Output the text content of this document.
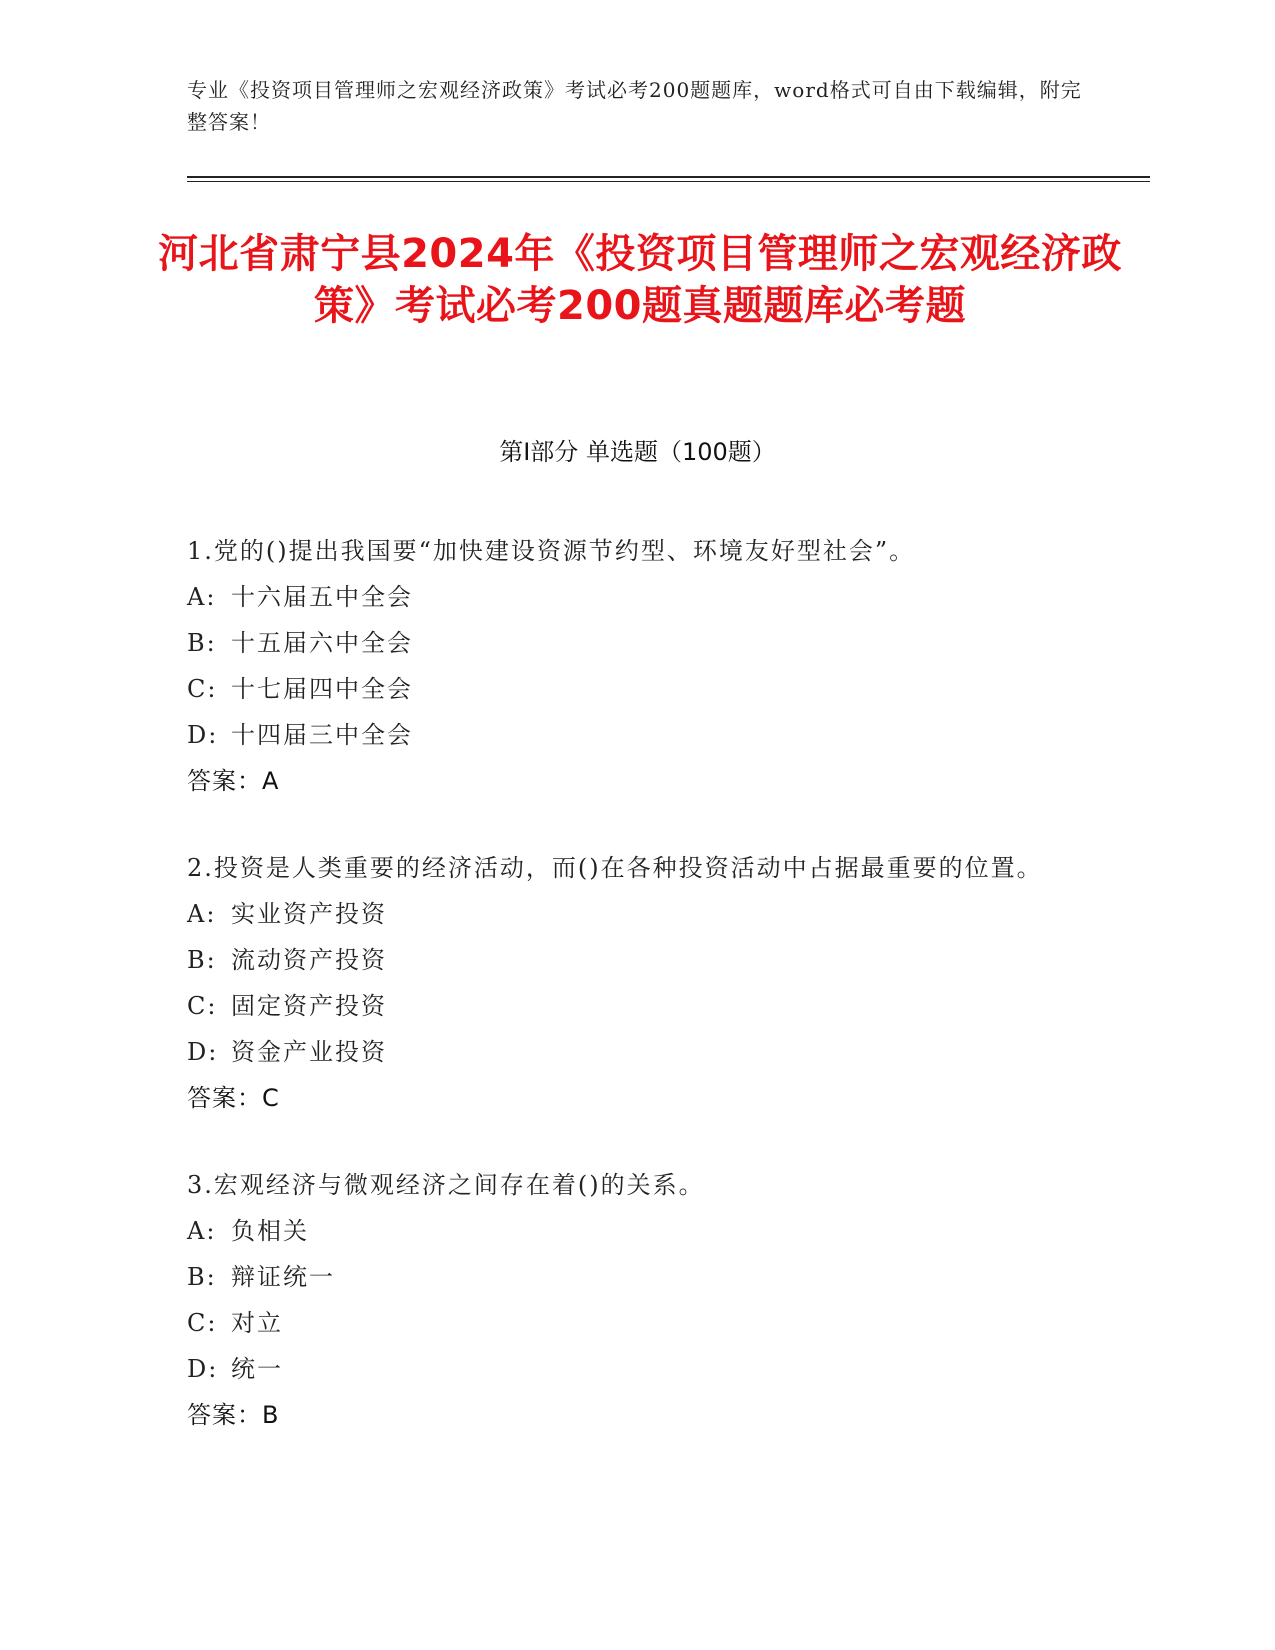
专业《投资项目管理师之宏观经济政策》考试必考200题题库，word格式可自由下载编辑，附完整答案！
河北省肃宁县2024年《投资项目管理师之宏观经济政策》考试必考200题真题题库必考题
第Ⅰ部分 单选题（100题）
1.党的()提出我国要“加快建设资源节约型、环境友好型社会”。
A: 十六届五中全会
B: 十五届六中全会
C: 十七届四中全会
D: 十四届三中全会
答案：A
2.投资是人类重要的经济活动，而()在各种投资活动中占据最重要的位置。
A: 实业资产投资
B: 流动资产投资
C: 固定资产投资
D: 资金产业投资
答案：C
3.宏观经济与微观经济之间存在着()的关系。
A: 负相关
B: 辩证统一
C: 对立
D: 统一
答案：B
